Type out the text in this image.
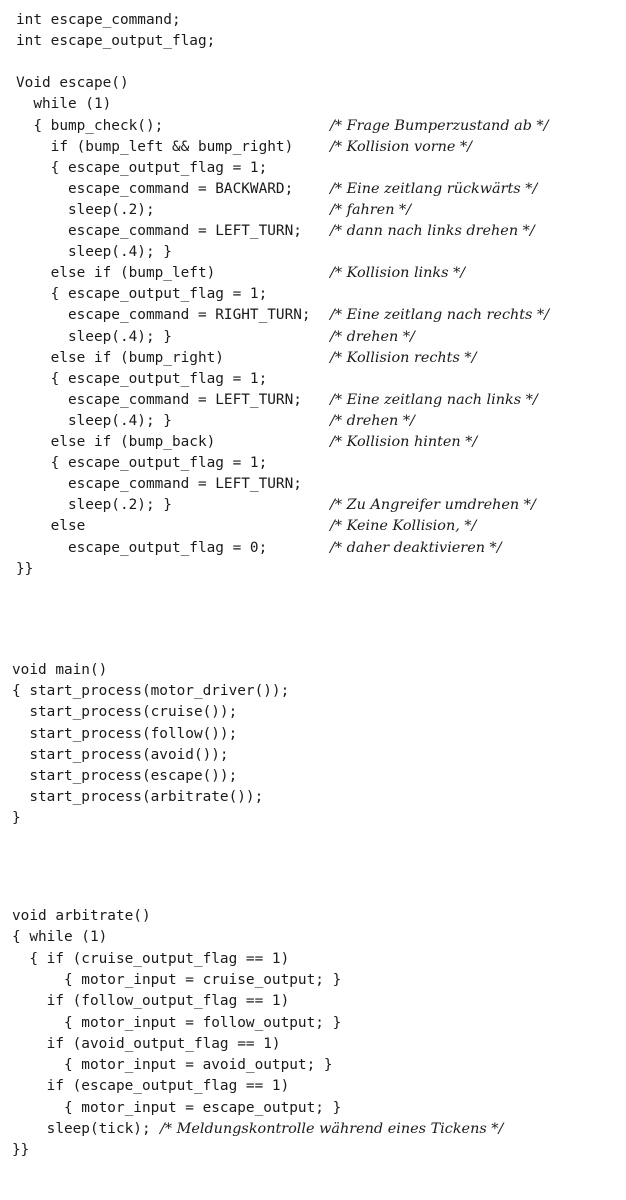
int escape_command;
int escape_output_flag;
Void escape()
while (1)
{ bump_check();	/* Frage Bumperzustand ab */
if (bump_left && bump_right)	/* Kollision vorne */
{ escape_output_flag = 1;
escape_command = BACKWARD;	/* Eine zeitlang rückwärts */
sleep(.2);	/* fahren */
escape_command = LEFT_TURN; /* dann nach links drehen */
sleep(.4); }
else if (bump_left)	/* Kollision links */
{ escape_output_flag = 1;
escape_command = RIGHT_TURN; /* Eine zeitlang nach rechts */
sleep(.4); }	/* drehen */
else if (bump_right)	/* Kollision rechts */
{ escape_output_flag = 1;
escape_command = LEFT_TURN; /* Eine zeitlang nach links */
sleep(.4); }	/* drehen */
else if (bump_back)	/* Kollision hinten */
{ escape_output_flag = 1;
escape_command = LEFT_TURN;
sleep(.2); }	/* Zu Angreifer umdrehen */
else	/* Keine Kollision, */
escape_output_flag = 0;	/* daher deaktivieren */
}}
void main()
{ start_process(motor_driver());
start_process(cruise());
start_process(follow());
start_process(avoid());
start_process(escape());
start_process(arbitrate());
}
void arbitrate()
{ while (1)
{ if (cruise_output_flag == 1)
{ motor_input = cruise_output; }
if (follow_output_flag == 1)
{ motor_input = follow_output; }
if (avoid_output_flag == 1)
{ motor_input = avoid_output; }
if (escape_output_flag == 1)
{ motor_input = escape_output; }
sleep(tick); /* Meldungskontrolle während eines Tickens */
}}
